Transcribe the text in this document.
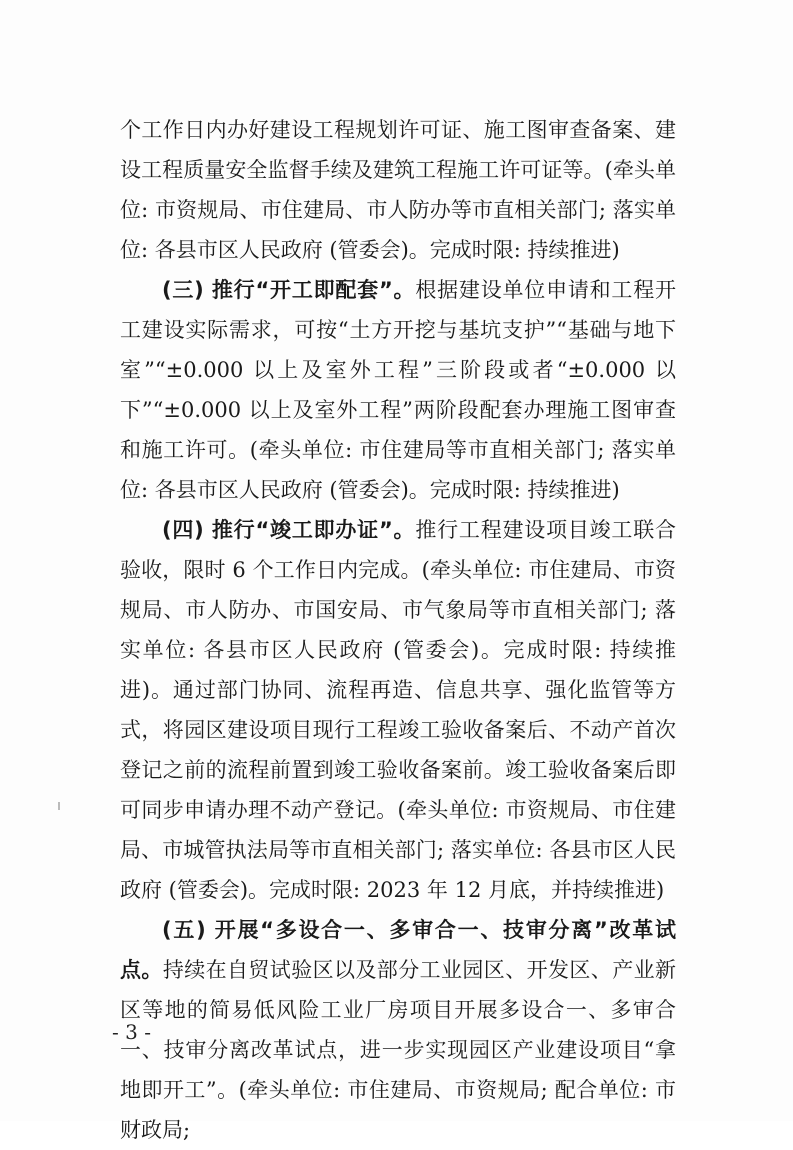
个工作日内办好建设工程规划许可证、施工图审查备案、建设工程质量安全监督手续及建筑工程施工许可证等。(牵头单位: 市资规局、市住建局、市人防办等市直相关部门; 落实单位: 各县市区人民政府 (管委会)。完成时限: 持续推进)

(三) 推行“开工即配套”。根据建设单位申请和工程开工建设实际需求，可按“土方开挖与基坑支护”“基础与地下室”“±0.000 以上及室外工程”三阶段或者“±0.000 以下”“±0.000 以上及室外工程”两阶段配套办理施工图审查和施工许可。(牵头单位: 市住建局等市直相关部门; 落实单位: 各县市区人民政府 (管委会)。完成时限: 持续推进)

(四) 推行“竣工即办证”。推行工程建设项目竣工联合验收，限时 6 个工作日内完成。(牵头单位: 市住建局、市资规局、市人防办、市国安局、市气象局等市直相关部门; 落实单位: 各县市区人民政府 (管委会)。完成时限: 持续推进)。通过部门协同、流程再造、信息共享、强化监管等方式，将园区建设项目现行工程竣工验收备案后、不动产首次登记之前的流程前置到竣工验收备案前。竣工验收备案后即可同步申请办理不动产登记。(牵头单位: 市资规局、市住建局、市城管执法局等市直相关部门; 落实单位: 各县市区人民政府 (管委会)。完成时限: 2023 年 12 月底，并持续推进)

(五) 开展“多设合一、多审合一、技审分离”改革试点。持续在自贸试验区以及部分工业园区、开发区、产业新区等地的简易低风险工业厂房项目开展多设合一、多审合一、技审分离改革试点，进一步实现园区产业建设项目“拿地即开工”。(牵头单位: 市住建局、市资规局; 配合单位: 市财政局;

- 3 -
